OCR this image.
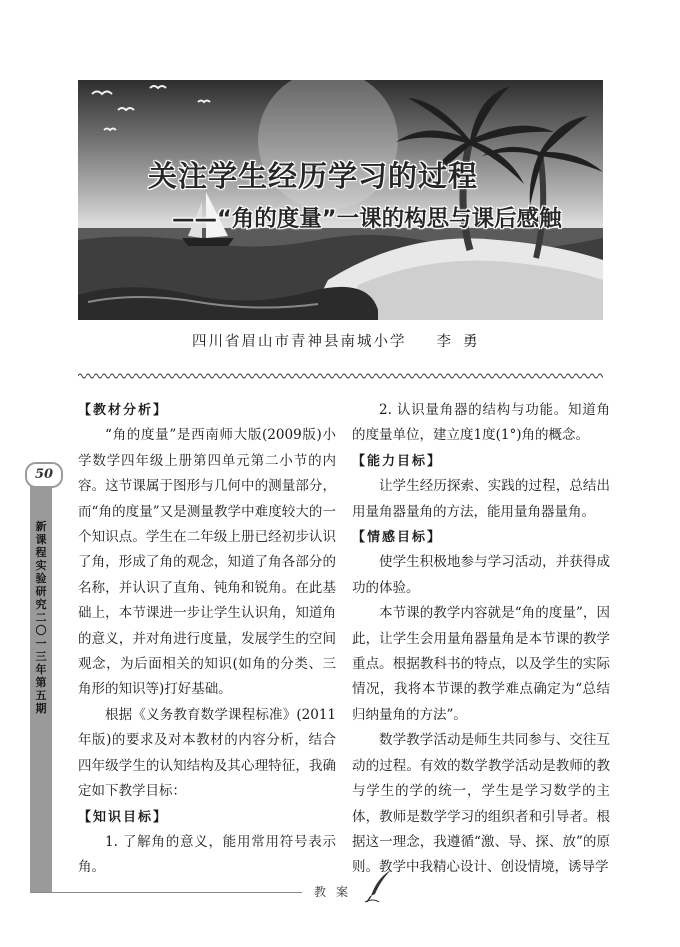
关注学生经历学习的过程
——“角的度量”一课的构思与课后感触
四川省眉山市青神县南城小学 李勇
【教材分析】

“角的度量”是西南师大版(2009版)小学数学四年级上册第四单元第二小节的内容。这节课属于图形与几何中的测量部分，而“角的度量”又是测量教学中难度较大的一个知识点。学生在二年级上册已经初步认识了角，形成了角的观念，知道了角各部分的名称，并认识了直角、钝角和锐角。在此基础上，本节课进一步让学生认识角，知道角的意义，并对角进行度量，发展学生的空间观念，为后面相关的知识(如角的分类、三角形的知识等)打好基础。

根据《义务教育数学课程标准》(2011年版)的要求及对本教材的内容分析，结合四年级学生的认知结构及其心理特征，我确定如下教学目标：

【知识目标】

1. 了解角的意义，能用常用符号表示角。

2. 认识量角器的结构与功能。知道角的度量单位，建立度1度(1°)角的概念。

【能力目标】

让学生经历探索、实践的过程，总结出用量角器量角的方法，能用量角器量角。

【情感目标】

使学生积极地参与学习活动，并获得成功的体验。

本节课的教学内容就是“角的度量”，因此，让学生会用量角器量角是本节课的教学重点。根据教科书的特点，以及学生的实际情况，我将本节课的教学难点确定为“总结归纳量角的方法”。

数学教学活动是师生共同参与、交往互动的过程。有效的数学教学活动是教师的教与学生的学的统一，学生是学习数学的主体，教师是数学学习的组织者和引导者。根据这一理念，我遵循“激、导、探、放”的原则。教学中我精心设计、创设情境，诱导学

50
新课程实验研究 二〇一三年 第五期
教案
